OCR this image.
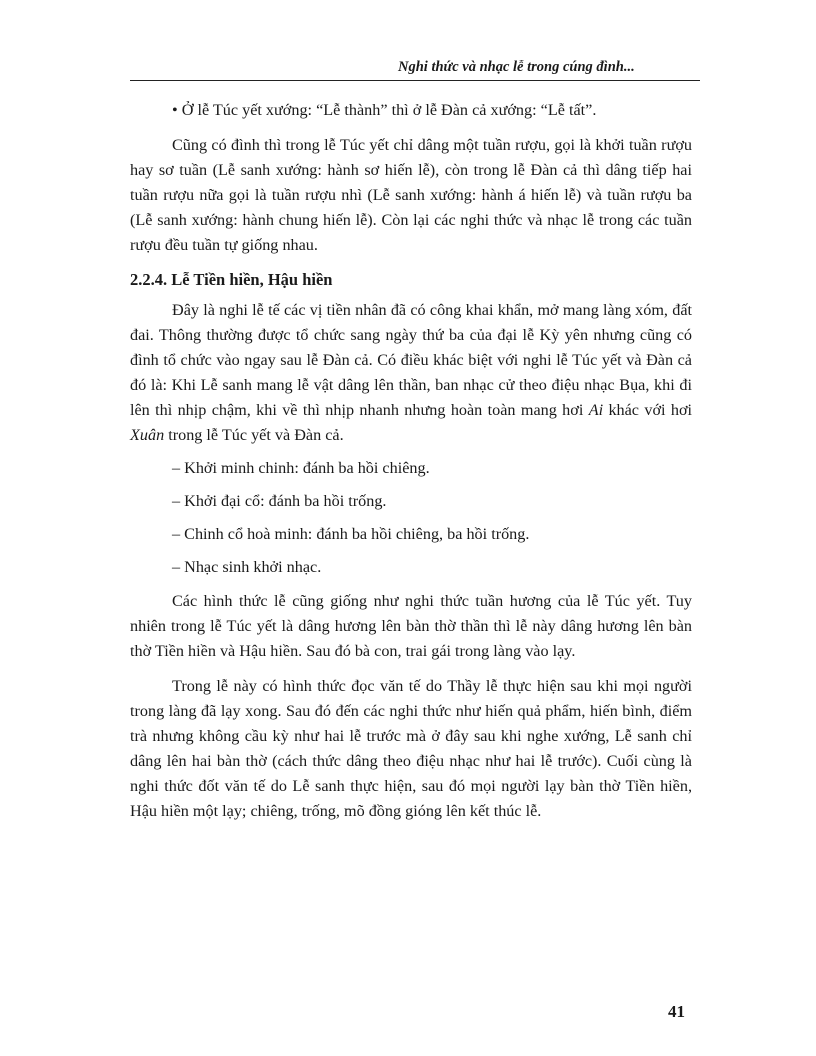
Nghi thức và nhạc lễ trong cúng đình...

• Ở lễ Túc yết xướng: “Lễ thành” thì ở lễ Đàn cả xướng: “Lễ tất”.

Cũng có đình thì trong lễ Túc yết chỉ dâng một tuần rượu, gọi là khởi tuần rượu hay sơ tuần (Lễ sanh xướng: hành sơ hiến lễ), còn trong lễ Đàn cả thì dâng tiếp hai tuần rượu nữa gọi là tuần rượu nhì (Lễ sanh xướng: hành á hiến lễ) và tuần rượu ba (Lễ sanh xướng: hành chung hiến lễ). Còn lại các nghi thức và nhạc lễ trong các tuần rượu đều tuần tự giống nhau.

2.2.4. Lễ Tiền hiền, Hậu hiền

Đây là nghi lễ tế các vị tiền nhân đã có công khai khẩn, mở mang làng xóm, đất đai. Thông thường được tổ chức sang ngày thứ ba của đại lễ Kỳ yên nhưng cũng có đình tổ chức vào ngay sau lễ Đàn cả. Có điều khác biệt với nghi lễ Túc yết và Đàn cả đó là: Khi Lễ sanh mang lễ vật dâng lên thần, ban nhạc cử theo điệu nhạc Bụa, khi đi lên thì nhịp chậm, khi về thì nhịp nhanh nhưng hoàn toàn mang hơi Ai khác với hơi Xuân trong lễ Túc yết và Đàn cả.

– Khởi minh chinh: đánh ba hồi chiêng.

– Khởi đại cổ: đánh ba hồi trống.

– Chinh cổ hoà minh: đánh ba hồi chiêng, ba hồi trống.

– Nhạc sinh khởi nhạc.

Các hình thức lễ cũng giống như nghi thức tuần hương của lễ Túc yết. Tuy nhiên trong lễ Túc yết là dâng hương lên bàn thờ thần thì lễ này dâng hương lên bàn thờ Tiền hiền và Hậu hiền. Sau đó bà con, trai gái trong làng vào lạy.

Trong lễ này có hình thức đọc văn tế do Thầy lễ thực hiện sau khi mọi người trong làng đã lạy xong. Sau đó đến các nghi thức như hiến quả phẩm, hiến bình, điểm trà nhưng không cầu kỳ như hai lễ trước mà ở đây sau khi nghe xướng, Lễ sanh chỉ dâng lên hai bàn thờ (cách thức dâng theo điệu nhạc như hai lễ trước). Cuối cùng là nghi thức đốt văn tế do Lễ sanh thực hiện, sau đó mọi người lạy bàn thờ Tiền hiền, Hậu hiền một lạy; chiêng, trống, mõ đồng gióng lên kết thúc lễ.

41
